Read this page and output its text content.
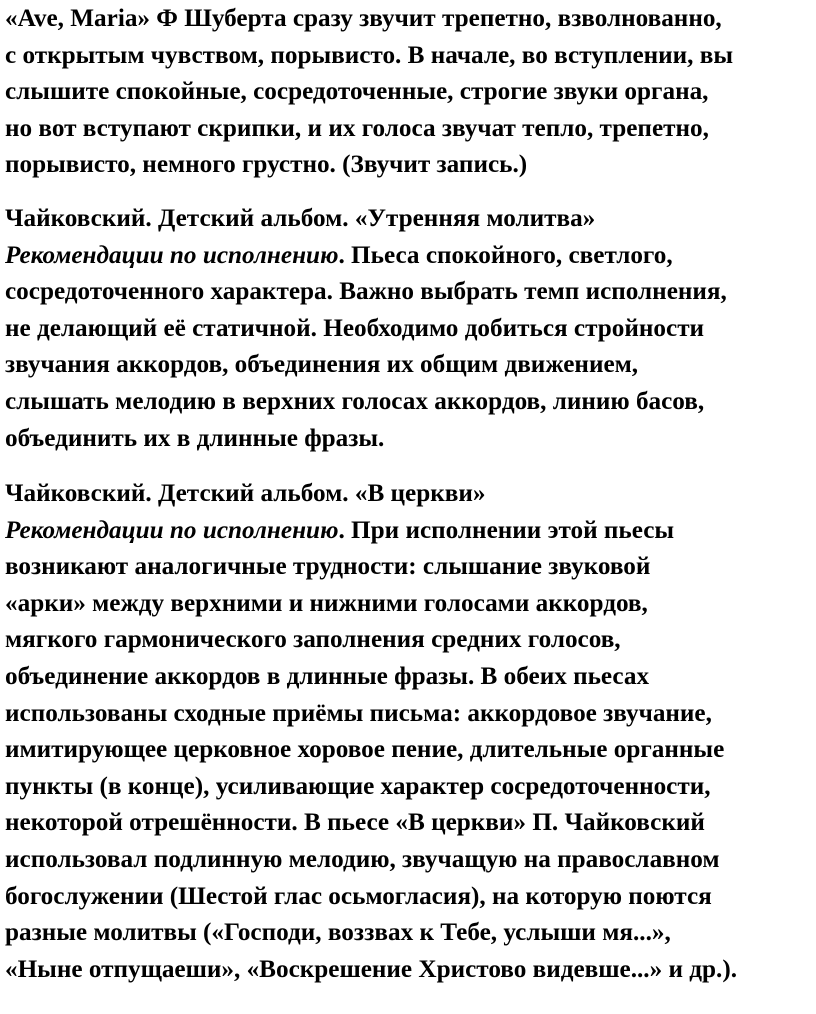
«Ave, Maria» Ф Шуберта сразу звучит трепетно, взволнованно,
с открытым чувством, порывисто. В начале, во вступлении, вы
слышите спокойные, сосредоточенные, строгие звуки органа,
но вот вступают скрипки, и их голоса звучат тепло, трепетно,
порывисто, немного грустно. (Звучит запись.)
Чайковский. Детский альбом. «Утренняя молитва»
Рекомендации по исполнению. Пьеса спокойного, светлого,
сосредоточенного характера. Важно выбрать темп исполнения,
не делающий её статичной. Необходимо добиться стройности
звучания аккордов, объединения их общим движением,
слышать мелодию в верхних голосах аккордов, линию басов,
объединить их в длинные фразы.
Чайковский. Детский альбом. «В церкви»
Рекомендации по исполнению. При исполнении этой пьесы
возникают аналогичные трудности: слышание звуковой
«арки» между верхними и нижними голосами аккордов,
мягкого гармонического заполнения средних голосов,
объединение аккордов в длинные фразы. В обеих пьесах
использованы сходные приёмы письма: аккордовое звучание,
имитирующее церковное хоровое пение, длительные органные
пункты (в конце), усиливающие характер сосредоточенности,
некоторой отрешённости. В пьесе «В церкви» П. Чайковский
использовал подлинную мелодию, звучащую на православном
богослужении (Шестой глас осьмогласия), на которую поются
разные молитвы («Господи, воззвах к Тебе, услыши мя...»,
«Ныне отпущаеши», «Воскрешение Христово видевше...» и др.).
